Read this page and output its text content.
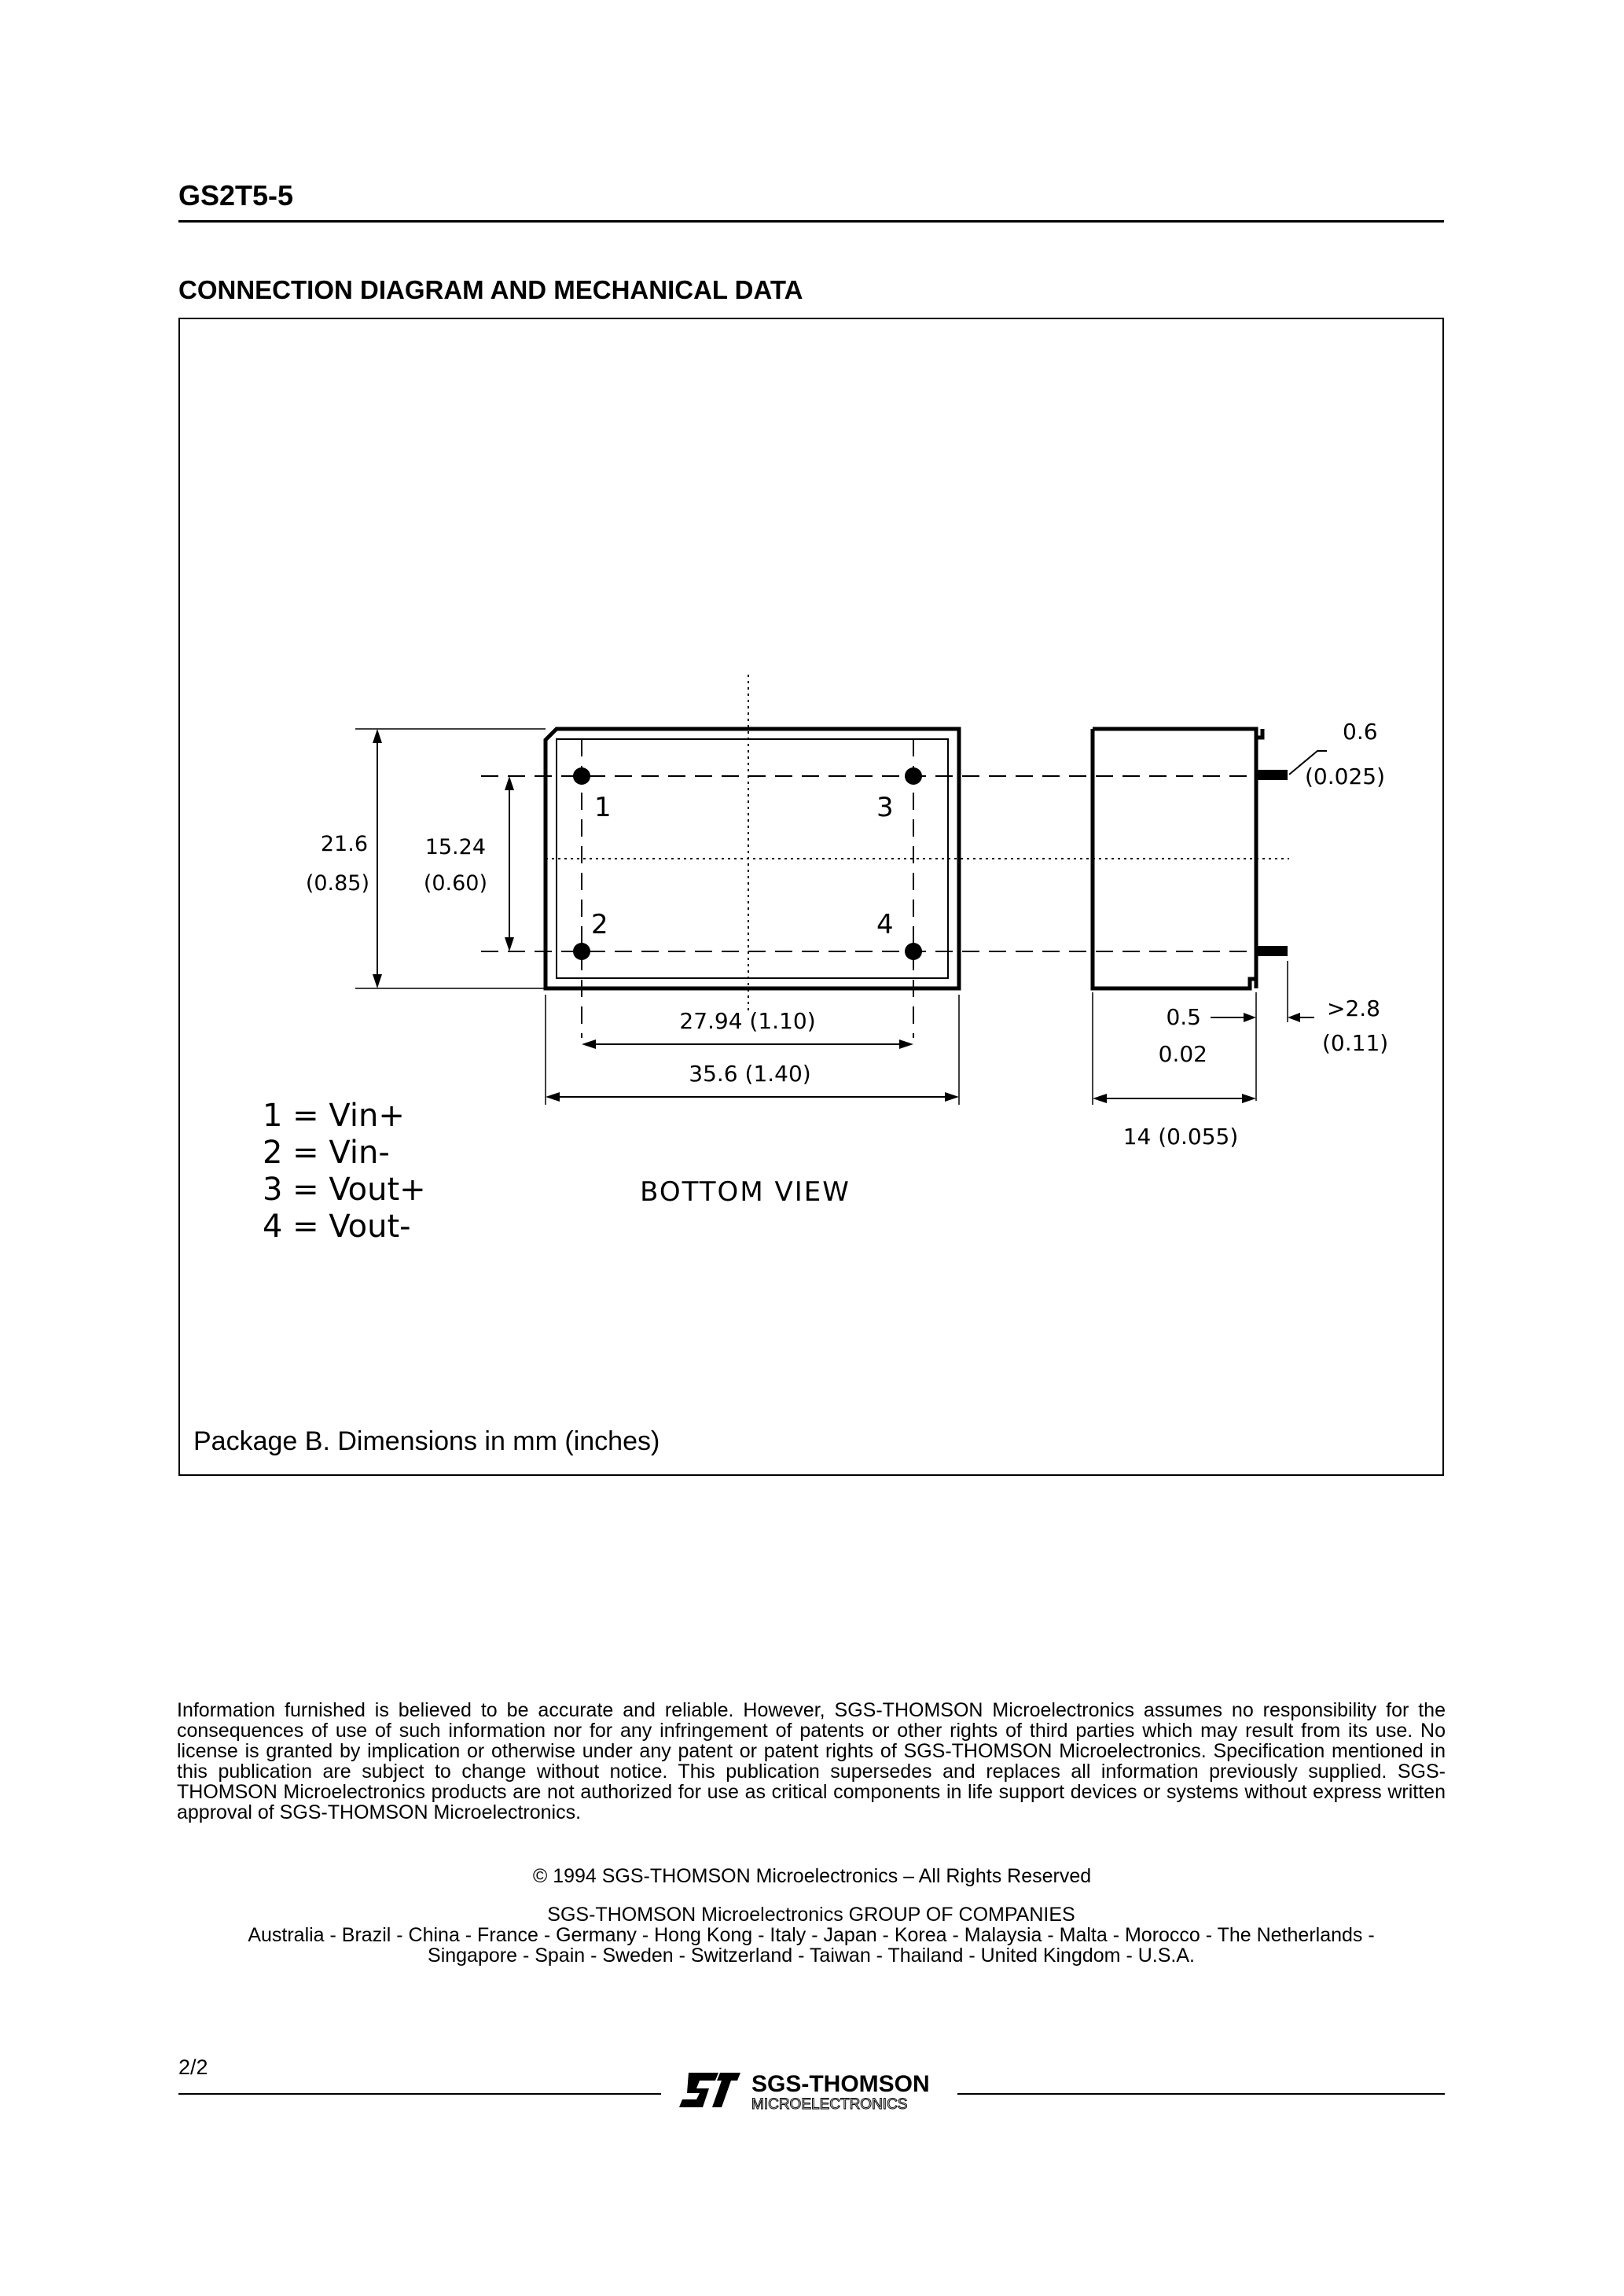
GS2T5-5
CONNECTION DIAGRAM AND MECHANICAL DATA
1	3
2	4
21.6
(0.85)
15.24
(0.60)
27.94 (1.10)
35.6 (1.40)
0.6
(0.025)
0.5
0.02
>2.8
(0.11)
14 (0.055)
BOTTOM VIEW
1 = Vin+
2 = Vin-
3 = Vout+
4 = Vout-
Package B. Dimensions in mm (inches)
Information furnished is believed to be accurate and reliable. However, SGS-THOMSON Microelectronics assumes no responsibility for the consequences of use of such information nor for any infringement of patents or other rights of third parties which may result from its use. No license is granted by implication or otherwise under any patent or patent rights of SGS-THOMSON Microelectronics. Specification mentioned in this publication are subject to change without notice. This publication supersedes and replaces all information previously supplied. SGS-THOMSON Microelectronics products are not authorized for use as critical components in life support devices or systems without express written approval of SGS-THOMSON Microelectronics.
© 1994 SGS-THOMSON Microelectronics – All Rights Reserved
SGS-THOMSON Microelectronics GROUP OF COMPANIES
Australia - Brazil - China - France - Germany - Hong Kong - Italy - Japan - Korea - Malaysia - Malta - Morocco - The Netherlands -
Singapore - Spain - Sweden - Switzerland - Taiwan - Thailand - United Kingdom - U.S.A.
2/2
SGS-THOMSON
MICROELECTRONICS
